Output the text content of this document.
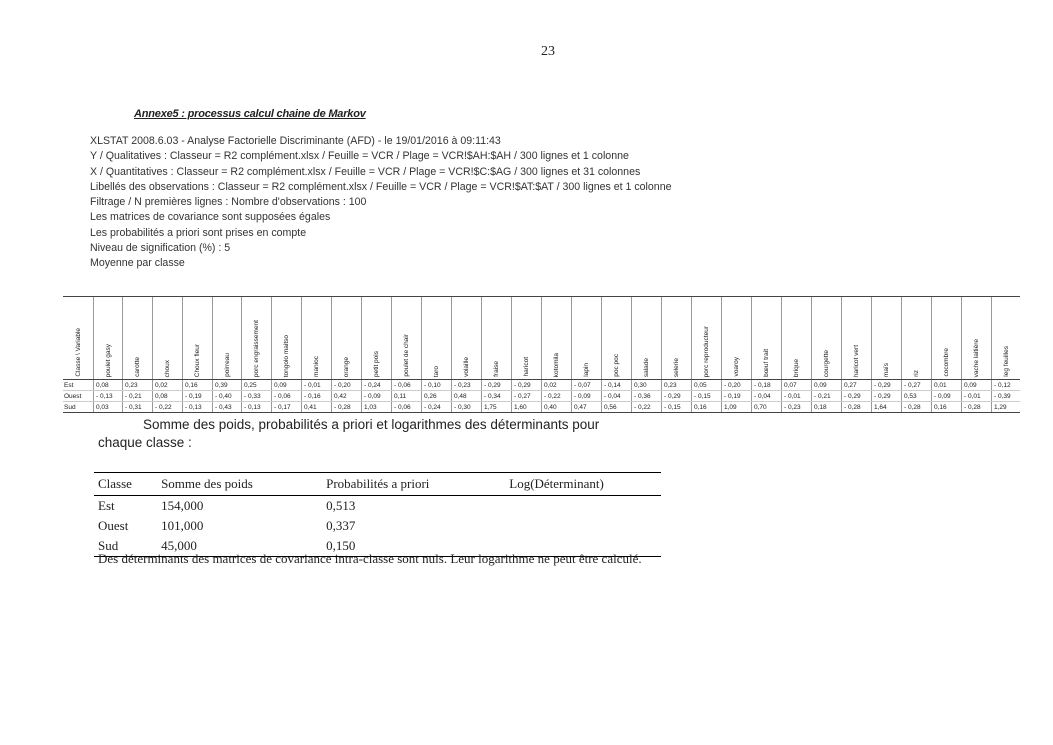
23
Annexe5 : processus calcul chaine de Markov
XLSTAT 2008.6.03 - Analyse Factorielle Discriminante (AFD) - le 19/01/2016 à 09:11:43
Y / Qualitatives : Classeur = R2 complément.xlsx / Feuille = VCR / Plage = VCR!$AH:$AH / 300 lignes et 1 colonne
X / Quantitatives : Classeur = R2 complément.xlsx / Feuille = VCR / Plage = VCR!$C:$AG / 300 lignes et 31 colonnes
Libellés des observations : Classeur = R2 complément.xlsx / Feuille = VCR / Plage = VCR!$AT:$AT / 300 lignes et 1 colonne
Filtrage / N premières lignes : Nombre d'observations : 100
Les matrices de covariance sont supposées égales
Les probabilités a priori sont prises en compte
Niveau de signification (%) : 5
Moyenne par classe
Classe \ Variable	poulet gasy	carotte	choux	Choux fleur	poirreau	porc engraissement	tongolo maitso	manioc	orange	petit pois	poulet de chair	taro	volaille	fraise	haricot	kotomila	lapin	poc poc	salade	selerie	porc reproducteur	voaroy	bœuf trait	brique	courgette	haricot vert	maïs	riz	cocombre	vache laitière	leg feuilles
Est	0,08	0,23	0,02	0,16	0,39	0,25	0,09	- 0,01	- 0,20	- 0,24	- 0,06	- 0,10	- 0,23	- 0,29	- 0,29	0,02	- 0,07	- 0,14	0,30	0,23	0,05	- 0,20	- 0,18	0,07	0,09	0,27	- 0,29	- 0,27	0,01	0,09	- 0,12
Ouest	- 0,13	- 0,21	0,08	- 0,19	- 0,40	- 0,33	- 0,06	- 0,16	0,42	- 0,09	0,11	0,26	0,48	- 0,34	- 0,27	- 0,22	- 0,09	- 0,04	- 0,36	- 0,29	- 0,15	- 0,19	- 0,04	- 0,01	- 0,21	- 0,29	- 0,29	0,53	- 0,09	- 0,01	- 0,39
Sud	0,03	- 0,31	- 0,22	- 0,13	- 0,43	- 0,13	- 0,17	0,41	- 0,28	1,03	- 0,06	- 0,24	- 0,30	1,75	1,60	0,40	0,47	0,56	- 0,22	- 0,15	0,16	1,09	0,70	- 0,23	0,18	- 0,28	1,64	- 0,28	0,16	- 0,28	1,29
Somme des poids, probabilités a priori et logarithmes des déterminants pour
chaque classe :
Classe	Somme des poids	Probabilités a priori	Log(Déterminant)
Est	154,000	0,513	
Ouest	101,000	0,337	
Sud	45,000	0,150	
Des déterminants des matrices de covariance intra-classe sont nuls. Leur logarithme ne peut être calculé.
